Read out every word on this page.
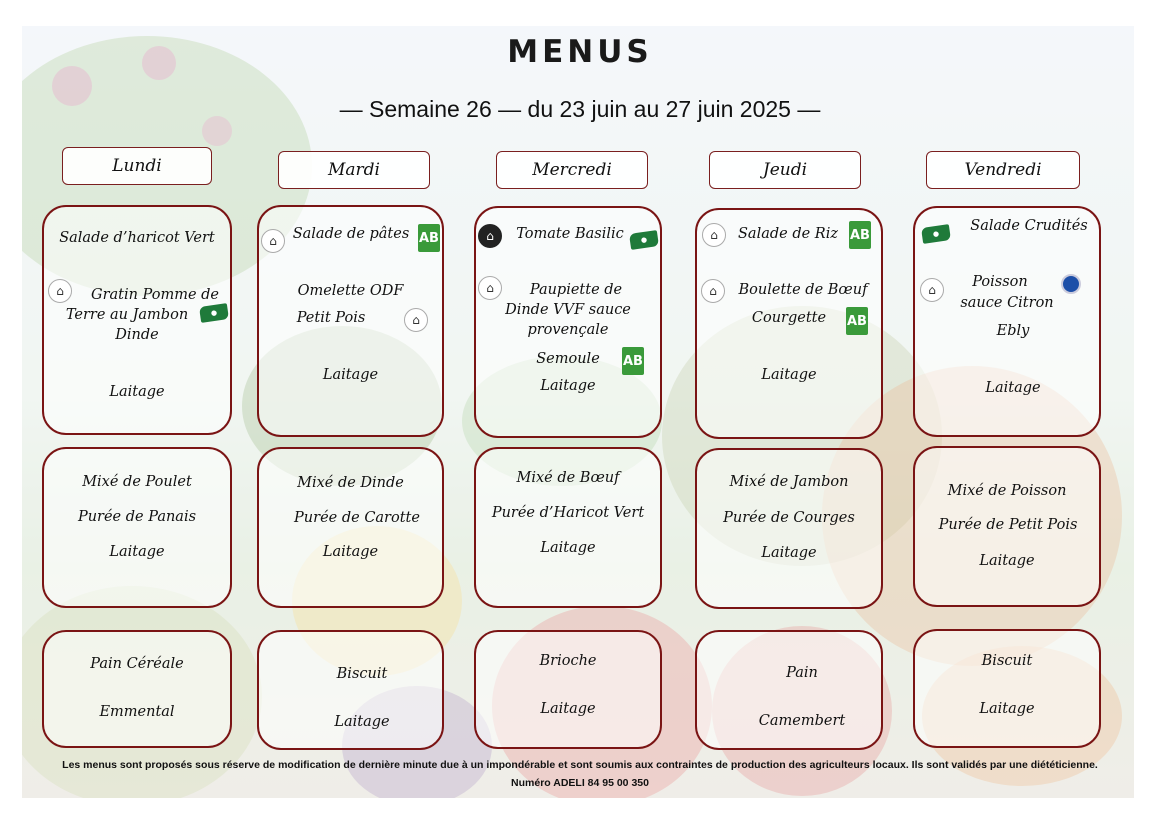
MENUS
— Semaine 26 — du 23 juin au 27 juin 2025 —
Lundi	Mardi	Mercredi	Jeudi	Vendredi
Salade d’haricot Vert
⌂	Gratin Pomme de
Terre au Jambon	●
Dinde
Laitage
⌂	Salade de pâtes AB
Omelette ODF
Petit Pois	⌂
Laitage
⌂	Tomate Basilic	●
⌂	Paupiette de
Dinde VVF sauce
provençale
Semoule	AB
Laitage
⌂	Salade de Riz AB
⌂	Boulette de Bœuf
Courgette	AB
Laitage
●
Salade Crudités
⌂	Poisson
sauce Citron
Ebly
Laitage
Mixé de Poulet
Purée de Panais
Laitage
Mixé de Dinde
Purée de Carotte
Laitage
Mixé de Bœuf
Purée d’Haricot Vert
Laitage
Mixé de Jambon
Purée de Courges
Laitage
Mixé de Poisson
Purée de Petit Pois
Laitage
Pain Céréale
Emmental
Biscuit
Laitage
Brioche
Laitage
Pain
Camembert
Biscuit
Laitage
Les menus sont proposés sous réserve de modification de dernière minute due à un impondérable et sont soumis aux contraintes de production des agriculteurs locaux. Ils sont validés par une diététicienne.
Numéro ADELI 84 95 00 350
